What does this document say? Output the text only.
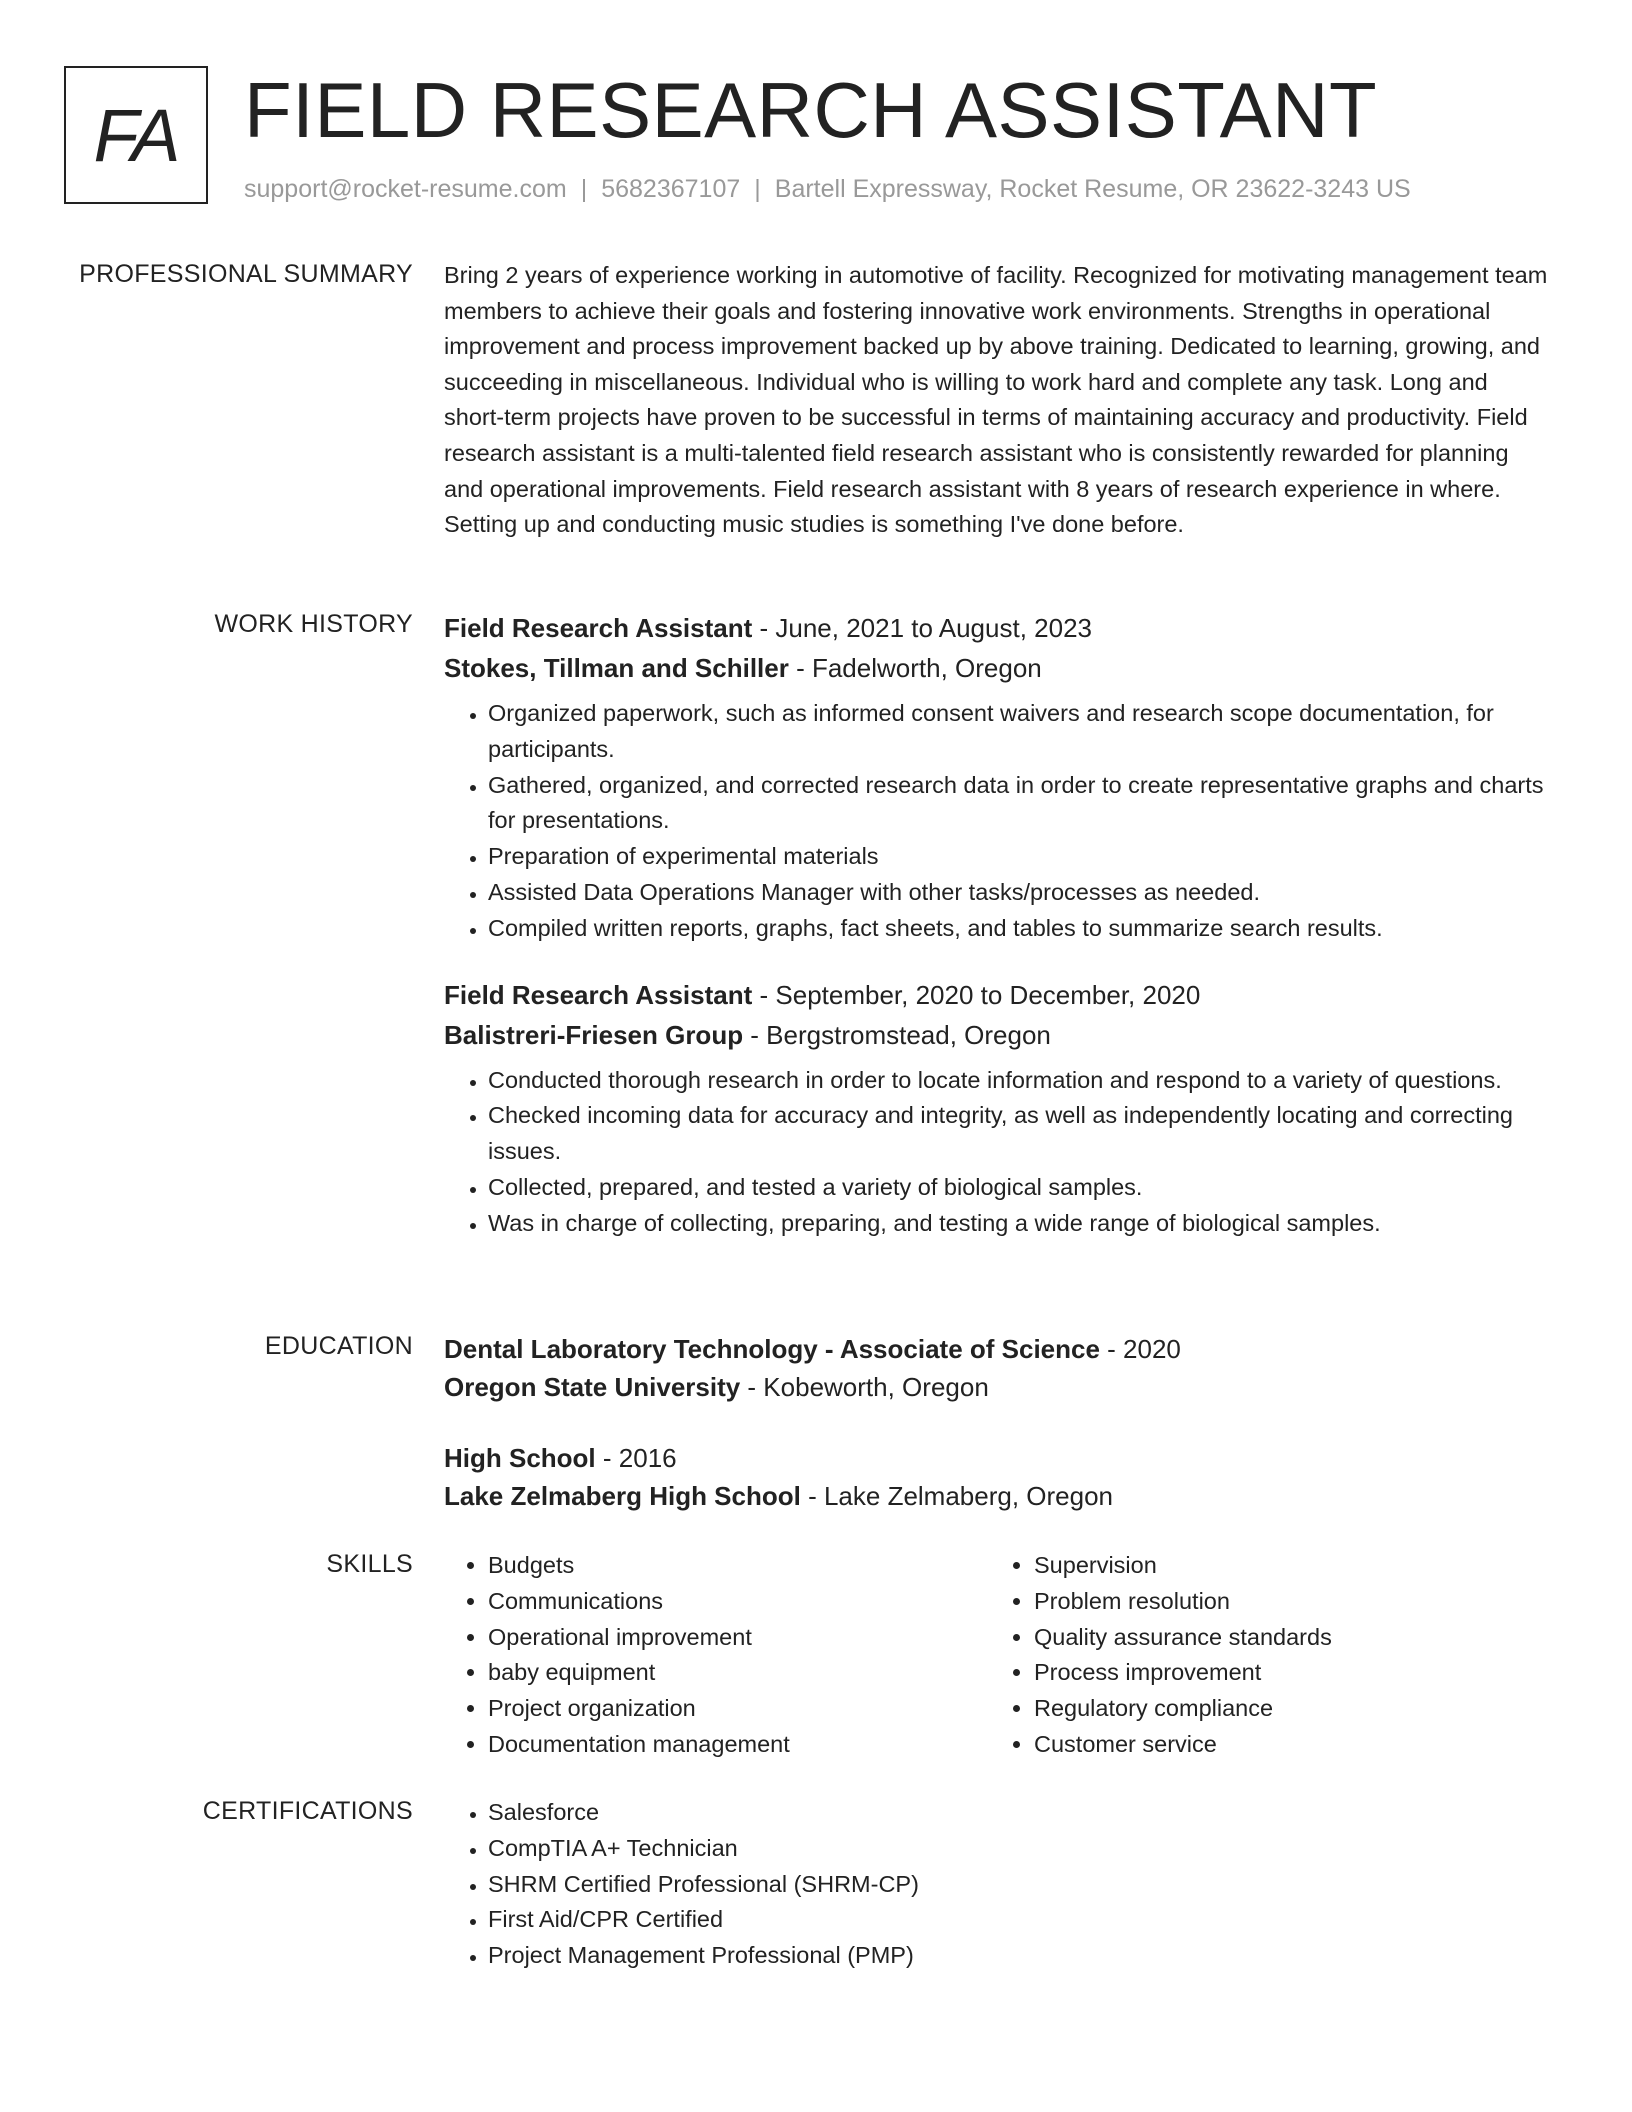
FA FIELD RESEARCH ASSISTANT
support@rocket-resume.com | 5682367107 | Bartell Expressway, Rocket Resume, OR 23622-3243 US
PROFESSIONAL SUMMARY Bring 2 years of experience working in automotive of facility. Recognized for motivating management team members to achieve their goals and fostering innovative work environments. Strengths in operational improvement and process improvement backed up by above training. Dedicated to learning, growing, and succeeding in miscellaneous. Individual who is willing to work hard and complete any task. Long and short-term projects have proven to be successful in terms of maintaining accuracy and productivity. Field research assistant is a multi-talented field research assistant who is consistently rewarded for planning and operational improvements. Field research assistant with 8 years of research experience in where. Setting up and conducting music studies is something I've done before.
WORK HISTORY Field Research Assistant - June, 2021 to August, 2023
Stokes, Tillman and Schiller - Fadelworth, Oregon
• Organized paperwork, such as informed consent waivers and research scope documentation, for participants.
• Gathered, organized, and corrected research data in order to create representative graphs and charts for presentations.
• Preparation of experimental materials
• Assisted Data Operations Manager with other tasks/processes as needed.
• Compiled written reports, graphs, fact sheets, and tables to summarize search results.
Field Research Assistant - September, 2020 to December, 2020
Balistreri-Friesen Group - Bergstromstead, Oregon
• Conducted thorough research in order to locate information and respond to a variety of questions.
• Checked incoming data for accuracy and integrity, as well as independently locating and correcting issues.
• Collected, prepared, and tested a variety of biological samples.
• Was in charge of collecting, preparing, and testing a wide range of biological samples.
EDUCATION Dental Laboratory Technology - Associate of Science - 2020
Oregon State University - Kobeworth, Oregon
High School - 2016
Lake Zelmaberg High School - Lake Zelmaberg, Oregon
SKILLS	• Budgets
• Communications
• Operational improvement
• baby equipment
• Project organization
• Documentation management
• Supervision
• Problem resolution
• Quality assurance standards
• Process improvement
• Regulatory compliance
• Customer service
CERTIFICATIONS	• Salesforce
• CompTIA A+ Technician
• SHRM Certified Professional (SHRM-CP)
• First Aid/CPR Certified
• Project Management Professional (PMP)
